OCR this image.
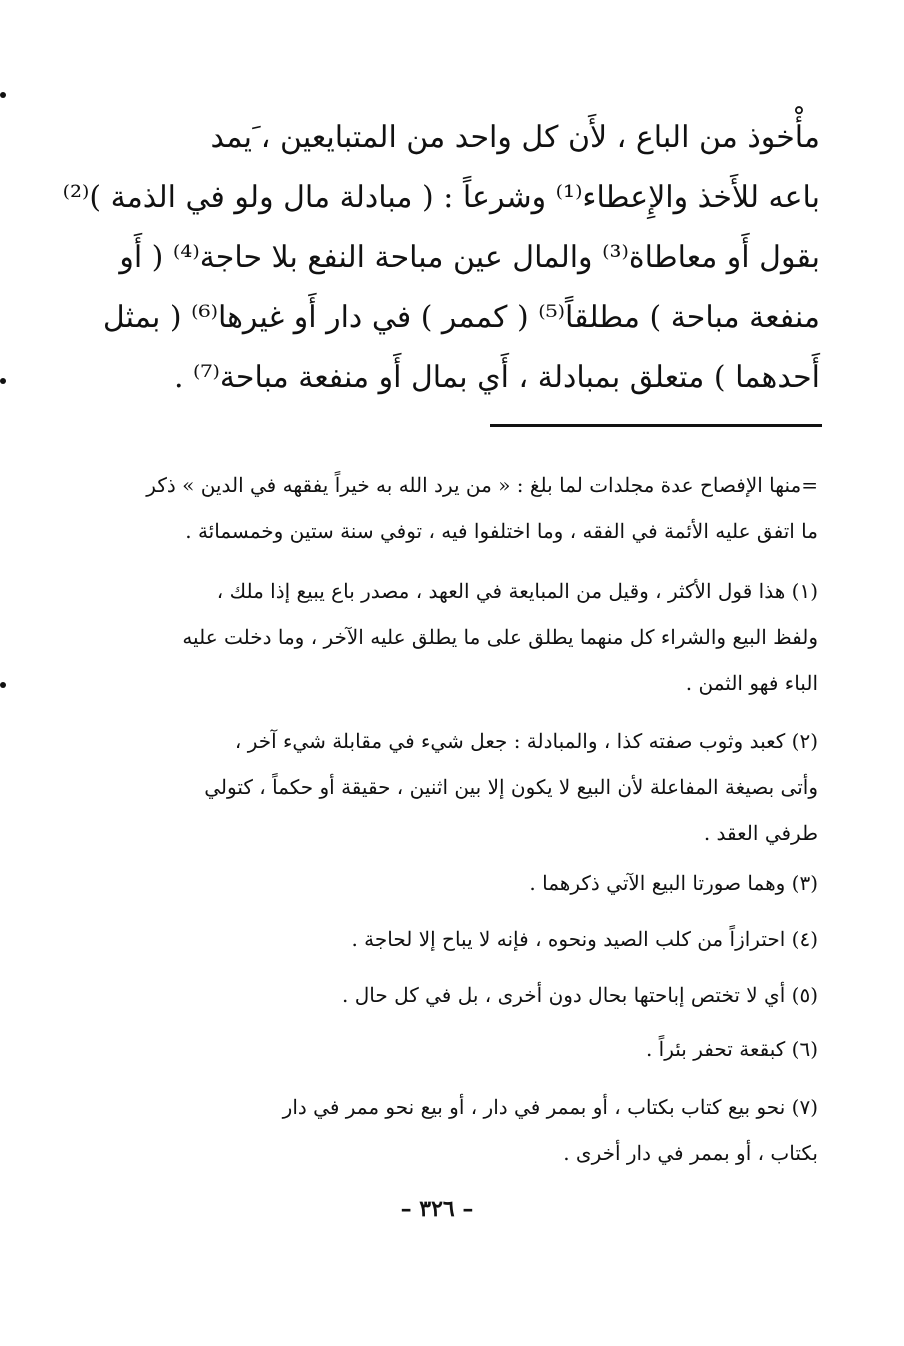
مأْخوذ من الباع ، لأَن كل واحد من المتبايعين ، َيمد
باعه للأَخذ والإِعطاء⁽¹⁾ وشرعاً : ( مبادلة مال ولو في الذمة )⁽²⁾
بقول أَو معاطاة⁽³⁾ والمال عين مباحة النفع بلا حاجة⁽⁴⁾ ( أَو
منفعة مباحة ) مطلقاً⁽⁵⁾ ( كممر ) في دار أَو غيرها⁽⁶⁾ ( بمثل
أَحدهما ) متعلق بمبادلة ، أَي بمال أَو منفعة مباحة⁽⁷⁾ .
=منها الإفصاح عدة مجلدات لما بلغ : « من يرد الله به خيراً يفقهه في الدين » ذكر
ما اتفق عليه الأئمة في الفقه ، وما اختلفوا فيه ، توفي سنة ستين وخمسمائة .
(١) هذا قول الأكثر ، وقيل من المبايعة في العهد ، مصدر باع يبيع إذا ملك ،
ولفظ البيع والشراء كل منهما يطلق على ما يطلق عليه الآخر ، وما دخلت عليه
الباء فهو الثمن .
(٢) كعبد وثوب صفته كذا ، والمبادلة : جعل شيء في مقابلة شيء آخر ،
وأتى بصيغة المفاعلة لأن البيع لا يكون إلا بين اثنين ، حقيقة أو حكماً ، كتولي
طرفي العقد .
(٣) وهما صورتا البيع الآتي ذكرهما .
(٤) احترازاً من كلب الصيد ونحوه ، فإنه لا يباح إلا لحاجة .
(٥) أي لا تختص إباحتها بحال دون أخرى ، بل في كل حال .
(٦) كبقعة تحفر بئراً .
(٧) نحو بيع كتاب بكتاب ، أو بممر في دار ، أو بيع نحو ممر في دار
بكتاب ، أو بممر في دار أخرى .
– ٣٢٦ –
